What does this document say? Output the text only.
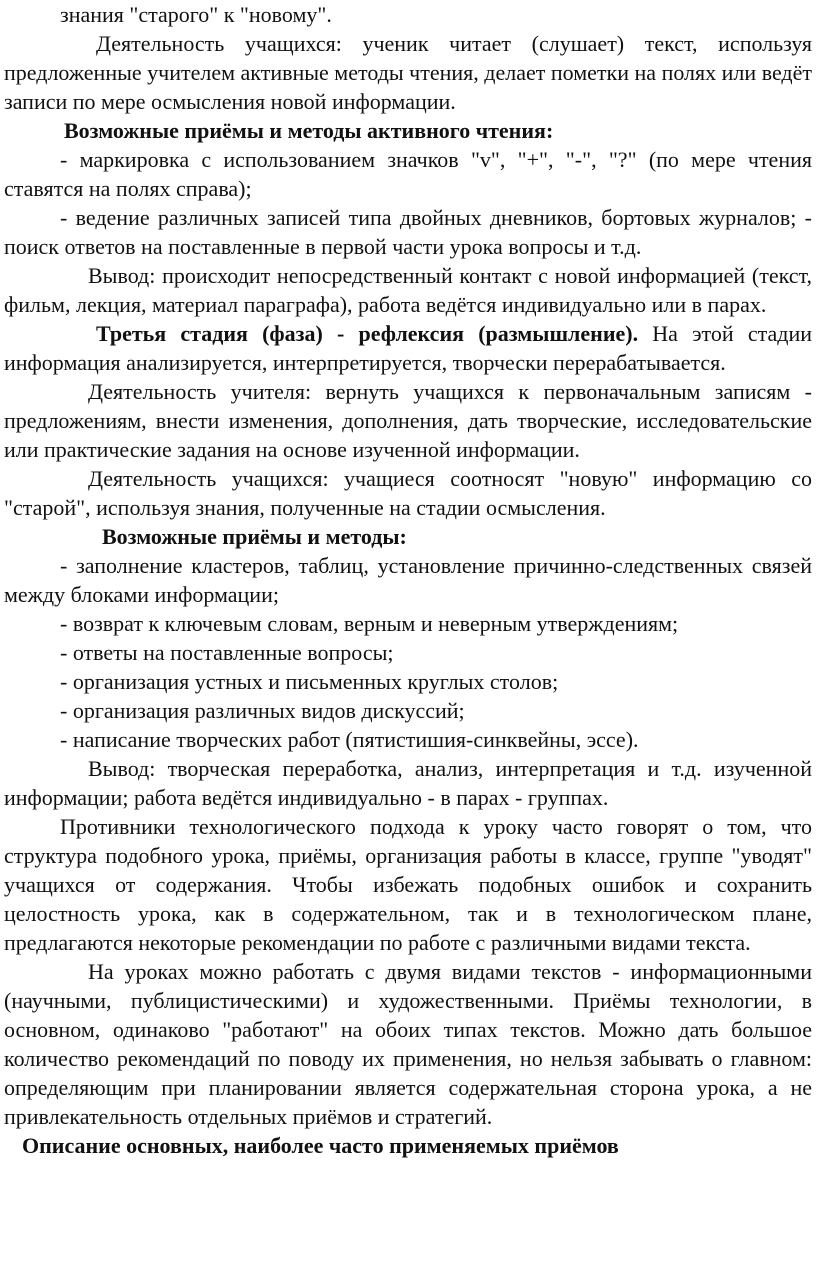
знания "старого" к "новому".

Деятельность учащихся: ученик читает (слушает) текст, используя предложенные учителем активные методы чтения, делает пометки на полях или ведёт записи по мере осмысления новой информации.

Возможные приёмы и методы активного чтения:

- маркировка с использованием значков "v", "+", "-", "?" (по мере чтения ставятся на полях справа);

- ведение различных записей типа двойных дневников, бортовых журналов; - поиск ответов на поставленные в первой части урока вопросы и т.д.

Вывод: происходит непосредственный контакт с новой информацией (текст, фильм, лекция, материал параграфа), работа ведётся индивидуально или в парах.

Третья стадия (фаза) - рефлексия (размышление). На этой стадии информация анализируется, интерпретируется, творчески перерабатывается.

Деятельность учителя: вернуть учащихся к первоначальным записям - предложениям, внести изменения, дополнения, дать творческие, исследовательские или практические задания на основе изученной информации.

Деятельность учащихся: учащиеся соотносят "новую" информацию со "старой", используя знания, полученные на стадии осмысления.

Возможные приёмы и методы:

- заполнение кластеров, таблиц, установление причинно-следственных связей между блоками информации;

- возврат к ключевым словам, верным и неверным утверждениям;

- ответы на поставленные вопросы;

- организация устных и письменных круглых столов;

- организация различных видов дискуссий;

- написание творческих работ (пятистишия-синквейны, эссе).

Вывод: творческая переработка, анализ, интерпретация и т.д. изученной информации; работа ведётся индивидуально - в парах - группах.

Противники технологического подхода к уроку часто говорят о том, что структура подобного урока, приёмы, организация работы в классе, группе "уводят" учащихся от содержания. Чтобы избежать подобных ошибок и сохранить целостность урока, как в содержательном, так и в технологическом плане, предлагаются некоторые рекомендации по работе с различными видами текста.

На уроках можно работать с двумя видами текстов - информационными (научными, публицистическими) и художественными. Приёмы технологии, в основном, одинаково "работают" на обоих типах текстов. Можно дать большое количество рекомендаций по поводу их применения, но нельзя забывать о главном: определяющим при планировании является содержательная сторона урока, а не привлекательность отдельных приёмов и стратегий.

Описание основных, наиболее часто применяемых приёмов
